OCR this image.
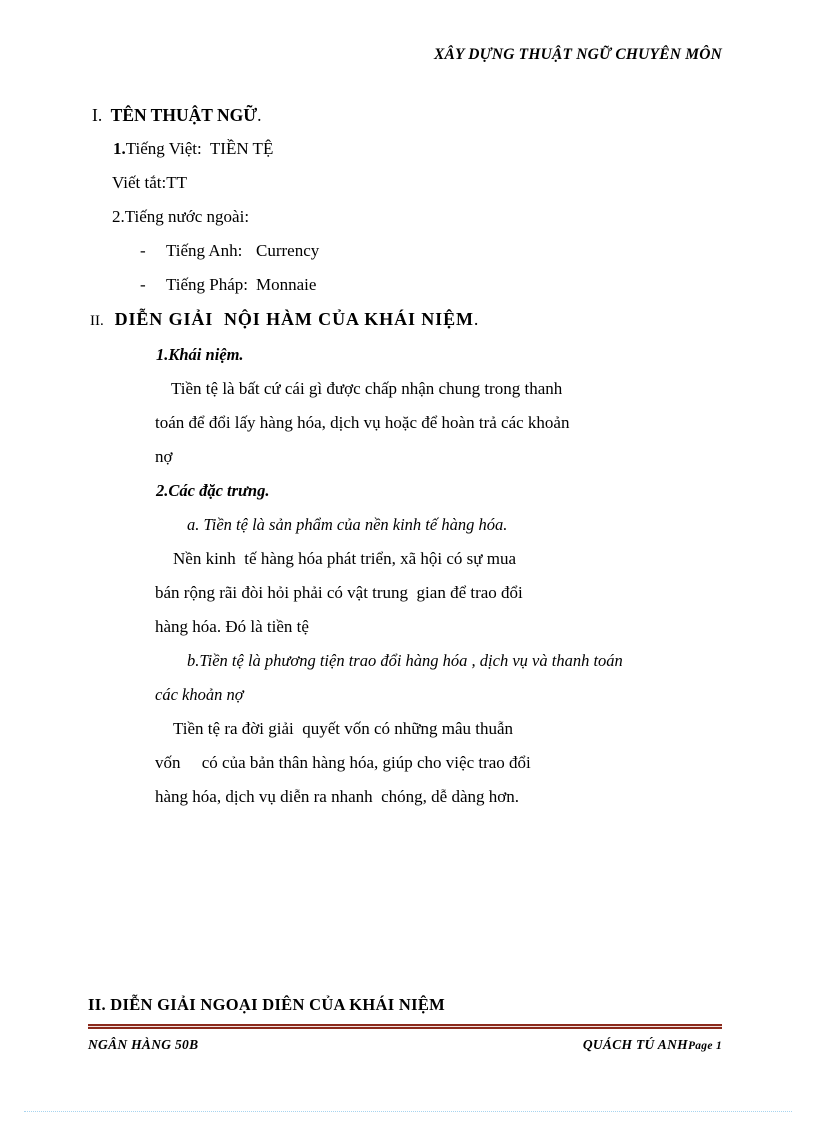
XÂY DỰNG THUẬT NGỮ CHUYÊN MÔN
I. TÊN THUẬT NGỮ.
1.Tiếng Việt:  TIỀN TỆ
Viết tắt:TT
2.Tiếng nước ngoài:
- Tiếng Anh: Currency
- Tiếng Pháp: Monnaie
II. DIỄN GIẢI  NỘI HÀM CỦA KHÁI NIỆM.
1.Khái niệm.
Tiền tệ là bất cứ cái gì được chấp nhận chung trong thanh
toán để đổi lấy hàng hóa, dịch vụ hoặc để hoàn trả các khoản
nợ
2.Các đặc trưng.
a. Tiền tệ là sản phẩm của nền kinh tế hàng hóa.
Nền kinh  tế hàng hóa phát triển, xã hội có sự mua
bán rộng rãi đòi hỏi phải có vật trung  gian để trao đổi
hàng hóa. Đó là tiền tệ
b.Tiền tệ là phương tiện trao đổi hàng hóa , dịch vụ và thanh toán
các khoản nợ
Tiền tệ ra đời giải  quyết vốn có những mâu thuẫn
vốn     có của bản thân hàng hóa, giúp cho việc trao đổi
hàng hóa, dịch vụ diễn ra nhanh  chóng, dễ dàng hơn.
II. DIỄN GIẢI NGOẠI DIÊN CỦA KHÁI NIỆM
NGÂN HÀNG 50B	QUÁCH TÚ ANHPage 1
